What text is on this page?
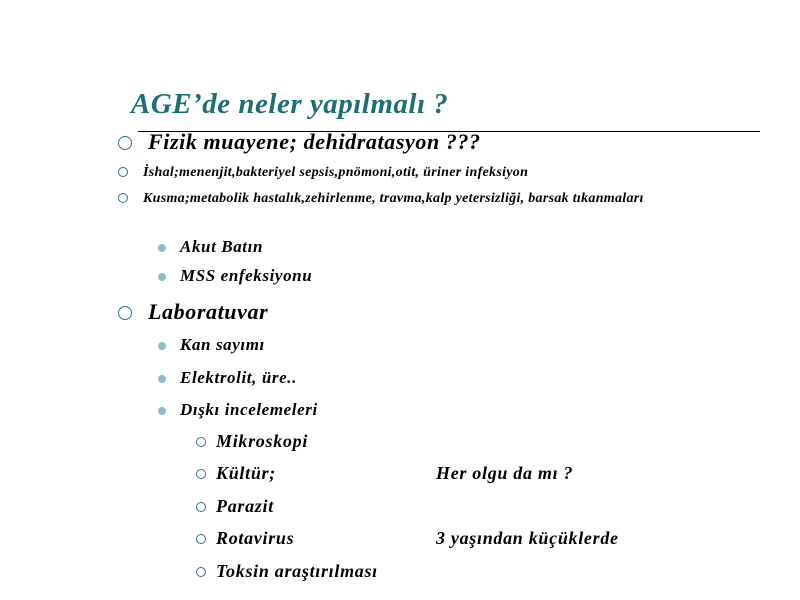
AGE’de neler yapılmalı ?
Fizik muayene; dehidratasyon ???
İshal;menenjit,bakteriyel sepsis,pnömoni,otit, üriner infeksiyon
Kusma;metabolik hastalık,zehirlenme, travma,kalp yetersizliği, barsak tıkanmaları
Akut Batın
MSS enfeksiyonu
Laboratuvar
Kan sayımı
Elektrolit, üre..
Dışkı incelemeleri
Mikroskopi
Kültür;	Her olgu da mı ?
Parazit
Rotavirus	3 yaşından küçüklerde
Toksin araştırılması
